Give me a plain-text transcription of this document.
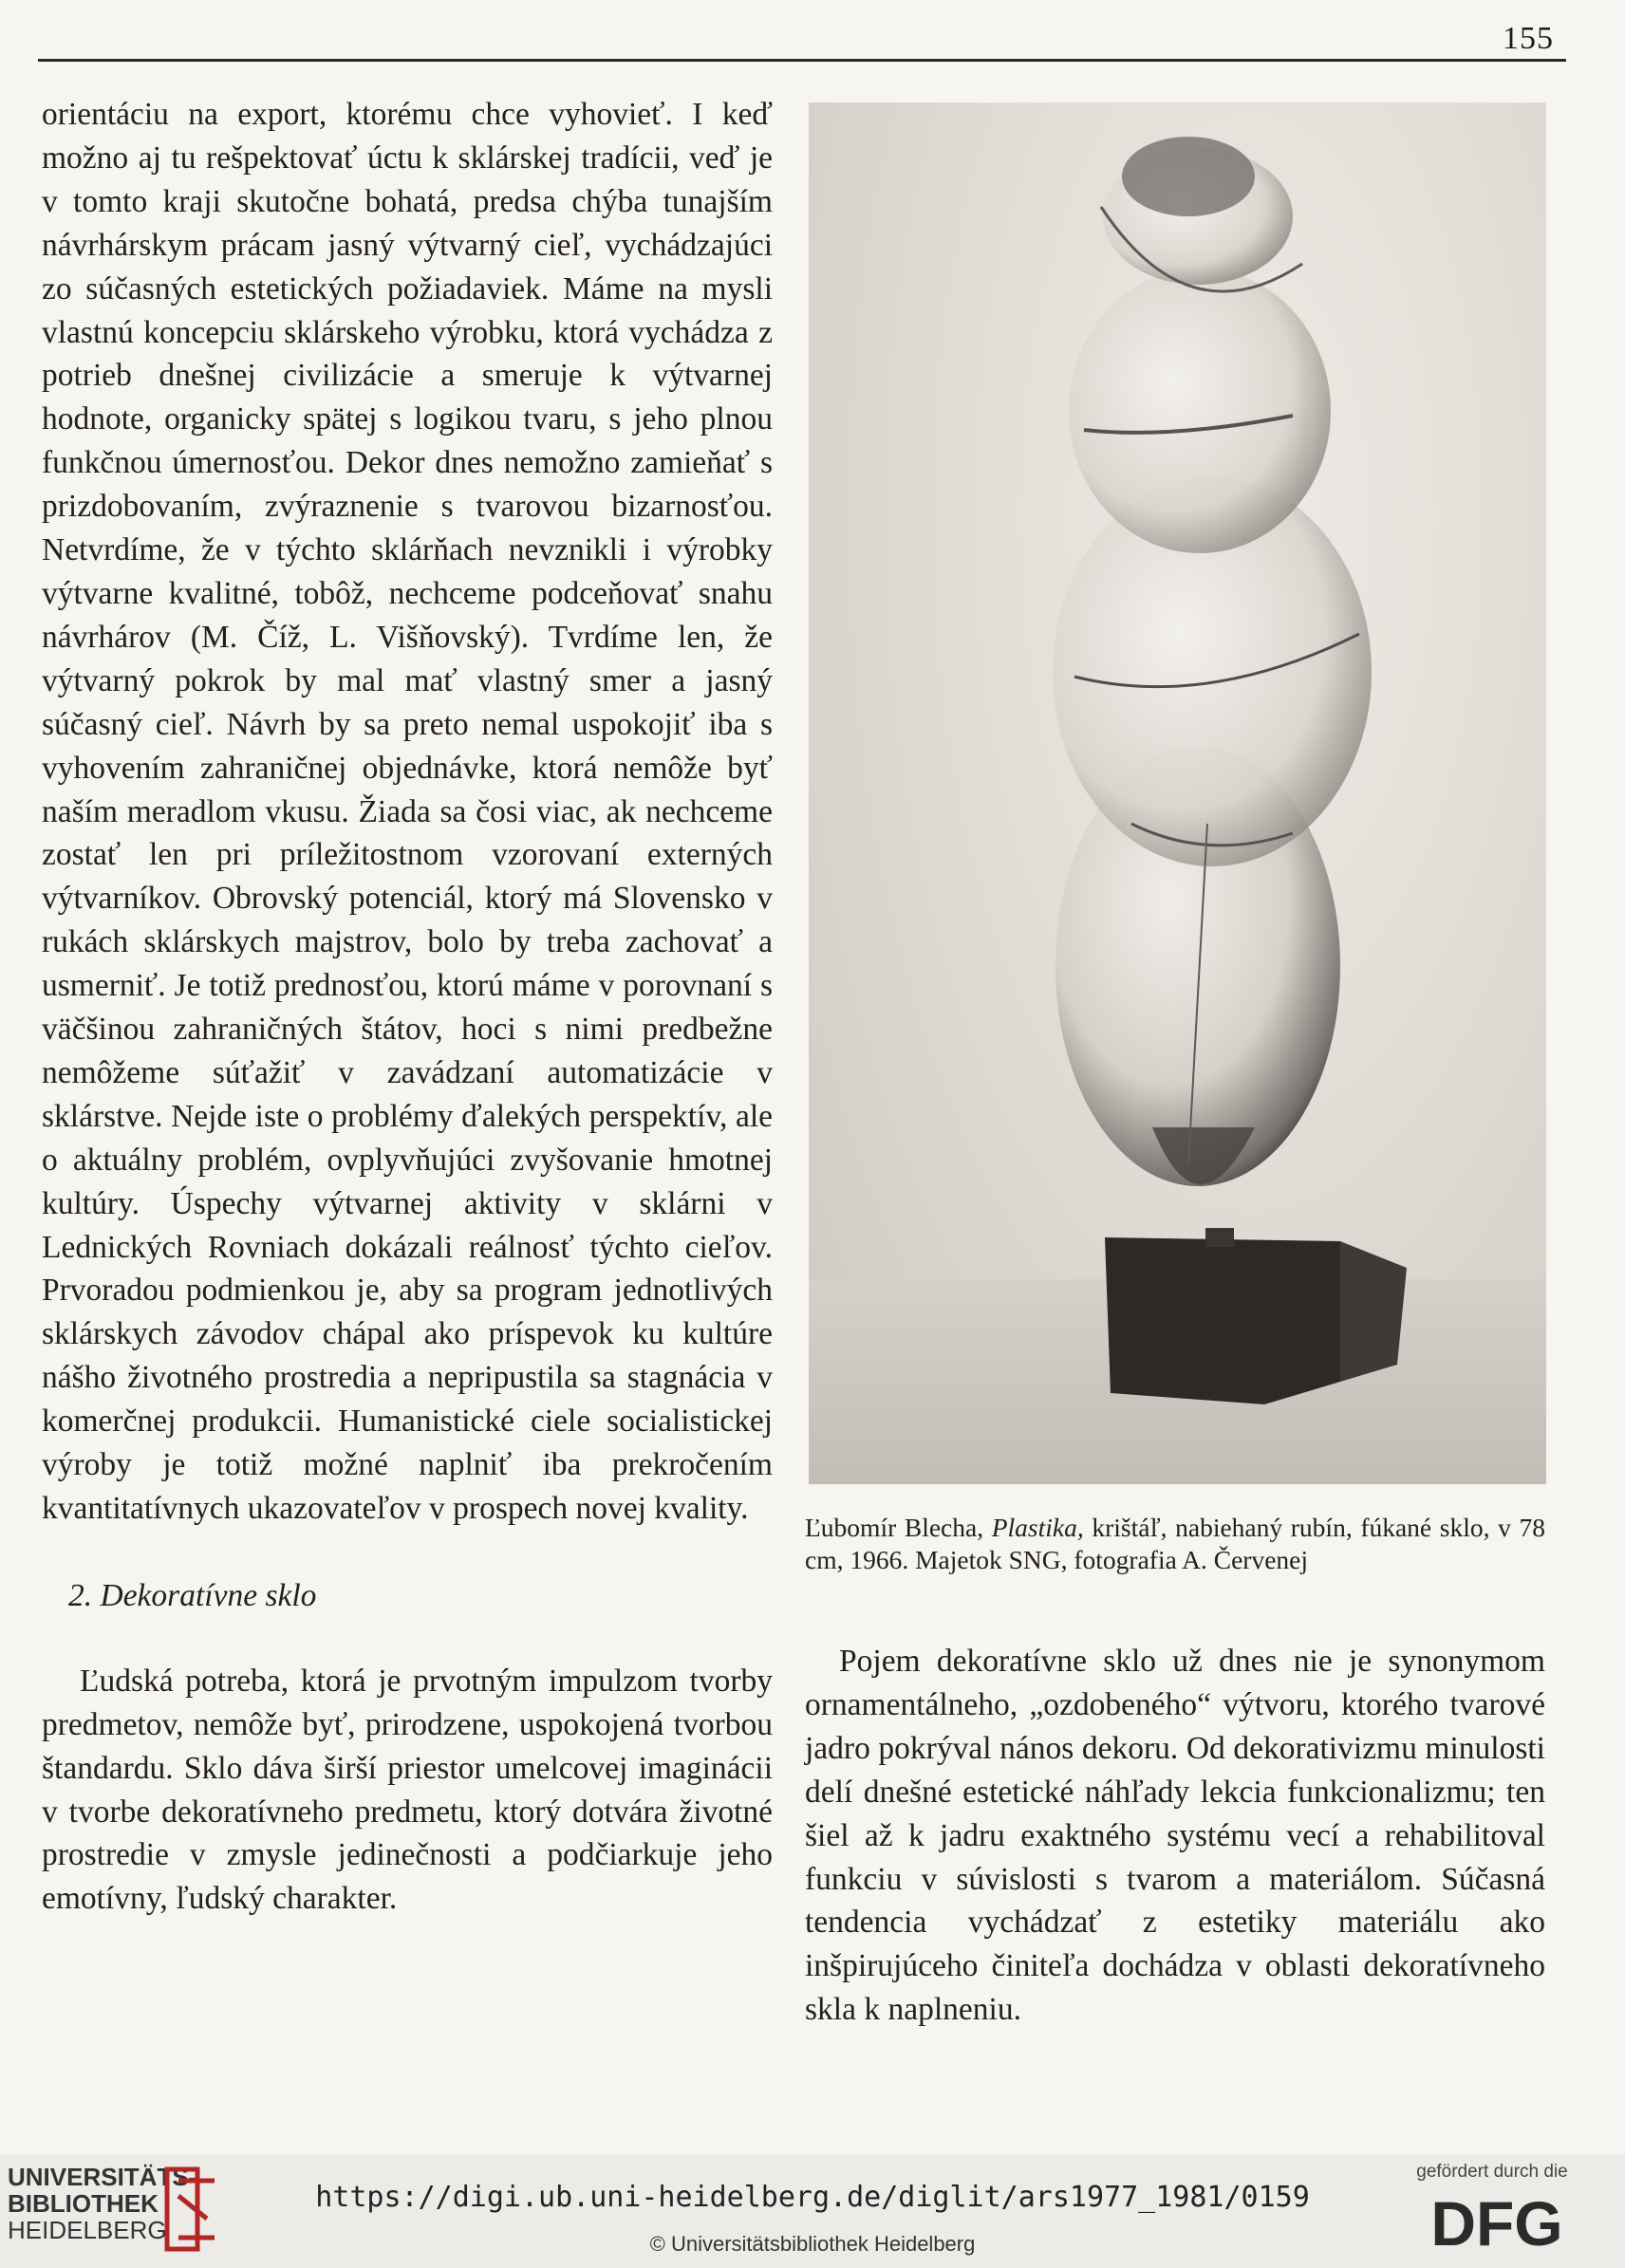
155

orientáciu na export, ktorému chce vyhovieť. I keď možno aj tu rešpektovať úctu k sklárskej tradícii, veď je v tomto kraji skutočne bohatá, predsa chýba tunajším návrhárskym prácam jasný výtvarný cieľ, vychádzajúci zo súčasných estetických požiadaviek. Máme na mysli vlastnú koncepciu sklárskeho výrobku, ktorá vychádza z potrieb dnešnej civilizácie a smeruje k výtvarnej hodnote, organicky spätej s logikou tvaru, s jeho plnou funkčnou úmernosťou. Dekor dnes nemožno zamieňať s prizdobovaním, zvýraznenie s tvarovou bizarnosťou. Netvrdíme, že v týchto sklárňach nevznikli i výrobky výtvarne kvalitné, tobôž, nechceme podceňovať snahu návrhárov (M. Číž, L. Višňovský). Tvrdíme len, že výtvarný pokrok by mal mať vlastný smer a jasný súčasný cieľ. Návrh by sa preto nemal uspokojiť iba s vyhovením zahraničnej objednávke, ktorá nemôže byť naším meradlom vkusu. Žiada sa čosi viac, ak nechceme zostať len pri príležitostnom vzorovaní externých výtvarníkov. Obrovský potenciál, ktorý má Slovensko v rukách sklárskych majstrov, bolo by treba zachovať a usmerniť. Je totiž prednosťou, ktorú máme v porovnaní s väčšinou zahraničných štátov, hoci s nimi predbežne nemôžeme súťažiť v zavádzaní automatizácie v sklárstve. Nejde iste o problémy ďalekých perspektív, ale o aktuálny problém, ovplyvňujúci zvyšovanie hmotnej kultúry. Úspechy výtvarnej aktivity v sklárni v Lednických Rovniach dokázali reálnosť týchto cieľov. Prvoradou podmienkou je, aby sa program jednotlivých sklárskych závodov chápal ako príspevok ku kultúre nášho životného prostredia a nepripustila sa stagnácia v komerčnej produkcii. Humanistické ciele socialistickej výroby je totiž možné naplniť iba prekročením kvantitatívnych ukazovateľov v prospech novej kvality.

2. Dekoratívne sklo

Ľudská potreba, ktorá je prvotným impulzom tvorby predmetov, nemôže byť, prirodzene, uspokojená tvorbou štandardu. Sklo dáva širší priestor umelcovej imaginácii v tvorbe dekoratívneho predmetu, ktorý dotvára životné prostredie v zmysle jedinečnosti a podčiarkuje jeho emotívny, ľudský charakter.

Ľubomír Blecha, Plastika, krištáľ, nabiehaný rubín, fúkané sklo, v 78 cm, 1966. Majetok SNG, fotografia A. Červenej

Pojem dekoratívne sklo už dnes nie je synonymom ornamentálneho, „ozdobeného“ výtvoru, ktorého tvarové jadro pokrýval nános dekoru. Od dekorativizmu minulosti delí dnešné estetické náhľady lekcia funkcionalizmu; ten šiel až k jadru exaktného systému vecí a rehabilitoval funkciu v súvislosti s tvarom a materiálom. Súčasná tendencia vychádzať z estetiky materiálu ako inšpirujúceho činiteľa dochádza v oblasti dekoratívneho skla k naplneniu.

UNIVERSITÄTS-
BIBLIOTHEK
HEIDELBERG
https://digi.ub.uni-heidelberg.de/diglit/ars1977_1981/0159
© Universitätsbibliothek Heidelberg
gefördert durch die
DFG
